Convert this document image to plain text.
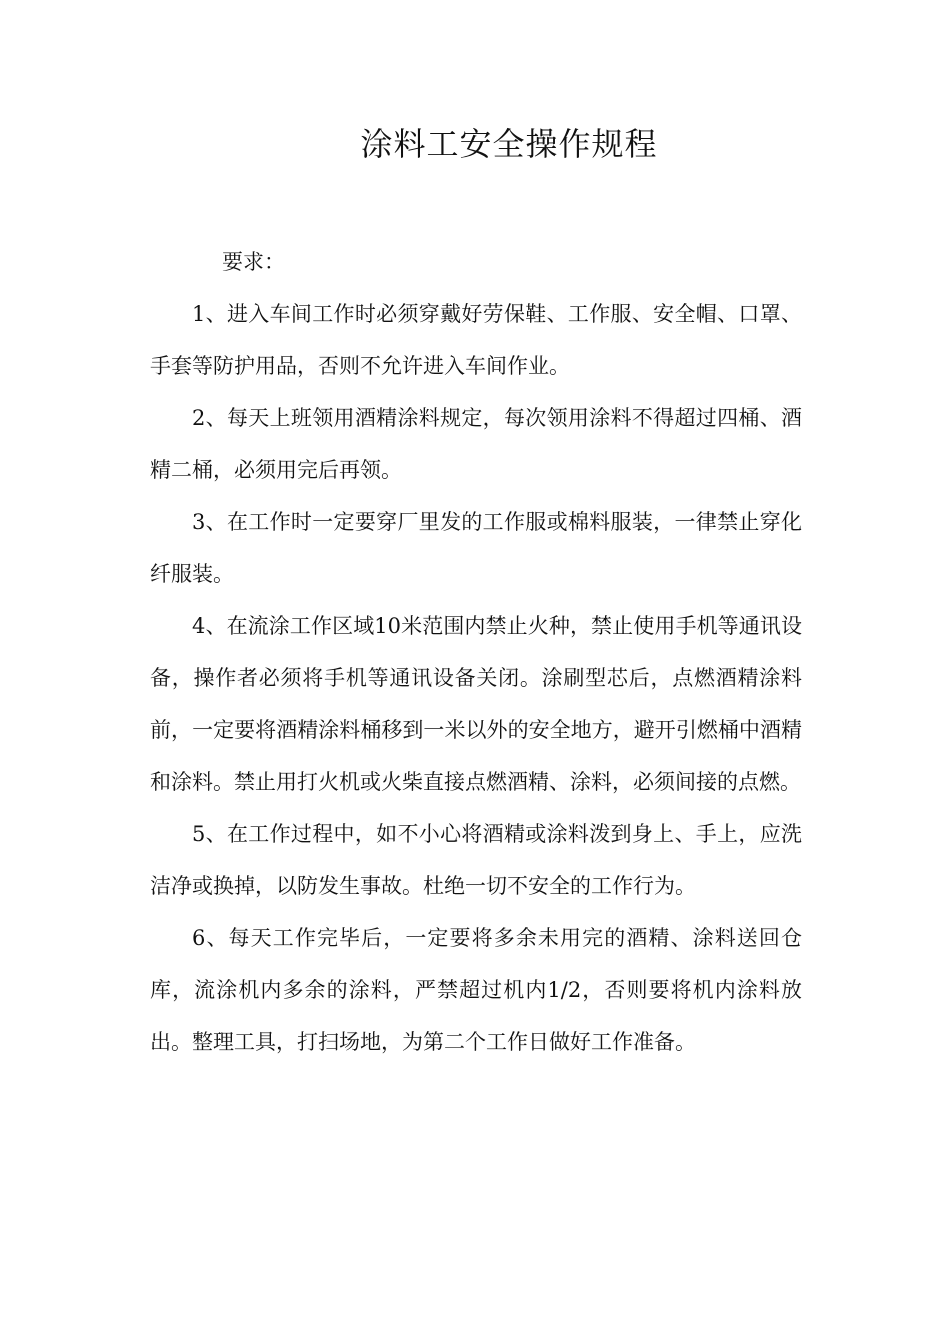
涂料工安全操作规程

要求：

1、进入车间工作时必须穿戴好劳保鞋、工作服、安全帽、口罩、手套等防护用品，否则不允许进入车间作业。

2、每天上班领用酒精涂料规定，每次领用涂料不得超过四桶、酒精二桶，必须用完后再领。

3、在工作时一定要穿厂里发的工作服或棉料服装，一律禁止穿化纤服装。

4、在流涂工作区域10米范围内禁止火种，禁止使用手机等通讯设备，操作者必须将手机等通讯设备关闭。涂刷型芯后，点燃酒精涂料前，一定要将酒精涂料桶移到一米以外的安全地方，避开引燃桶中酒精和涂料。禁止用打火机或火柴直接点燃酒精、涂料，必须间接的点燃。

5、在工作过程中，如不小心将酒精或涂料泼到身上、手上，应洗洁净或换掉，以防发生事故。杜绝一切不安全的工作行为。

6、每天工作完毕后，一定要将多余未用完的酒精、涂料送回仓库，流涂机内多余的涂料，严禁超过机内1/2，否则要将机内涂料放出。整理工具，打扫场地，为第二个工作日做好工作准备。
